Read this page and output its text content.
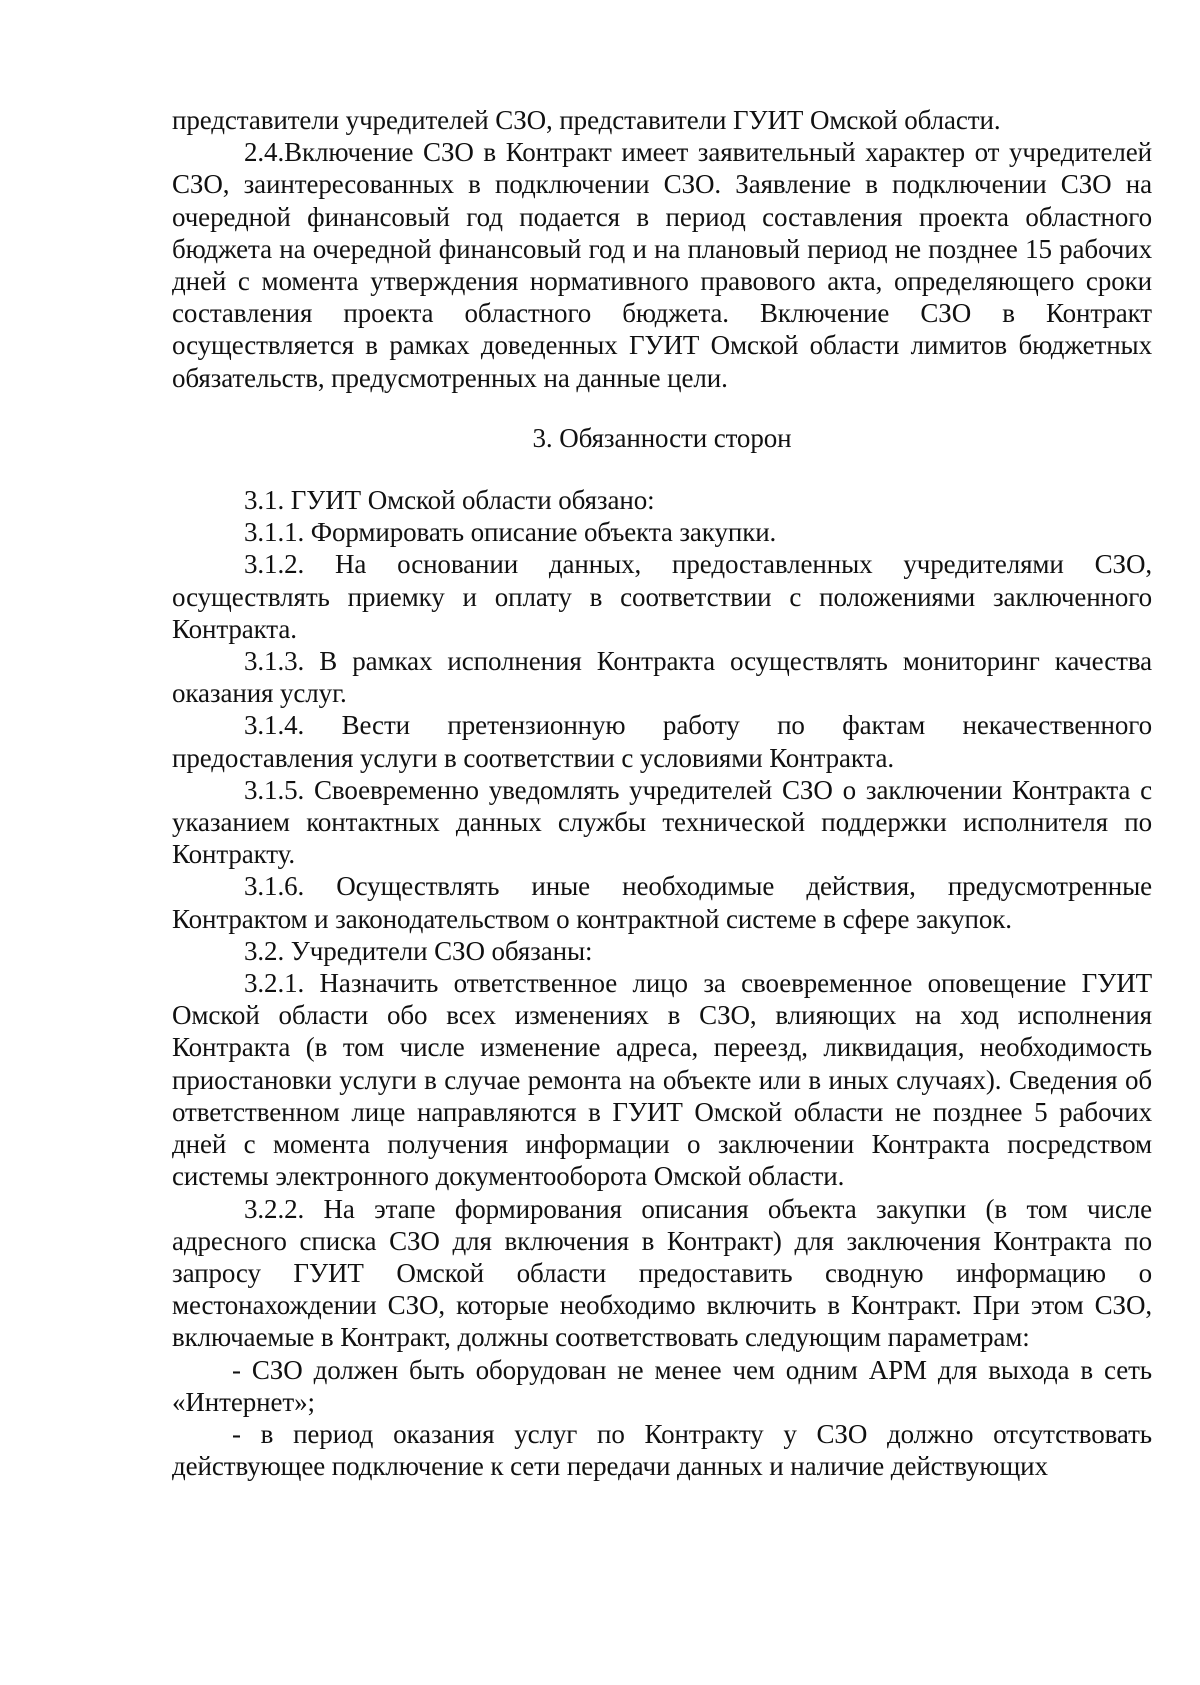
представители учредителей СЗО, представители ГУИТ Омской области.

2.4.Включение СЗО в Контракт имеет заявительный характер от учредителей СЗО, заинтересованных в подключении СЗО. Заявление в подключении СЗО на очередной финансовый год подается в период составления проекта областного бюджета на очередной финансовый год и на плановый период не позднее 15 рабочих дней с момента утверждения нормативного правового акта, определяющего сроки составления проекта областного бюджета. Включение СЗО в Контракт осуществляется в рамках доведенных ГУИТ Омской области лимитов бюджетных обязательств, предусмотренных на данные цели.

3. Обязанности сторон

3.1. ГУИТ Омской области обязано:

3.1.1. Формировать описание объекта закупки.

3.1.2. На основании данных, предоставленных учредителями СЗО, осуществлять приемку и оплату в соответствии с положениями заключенного Контракта.

3.1.3. В рамках исполнения Контракта осуществлять мониторинг качества оказания услуг.

3.1.4. Вести претензионную работу по фактам некачественного предоставления услуги в соответствии с условиями Контракта.

3.1.5. Своевременно уведомлять учредителей СЗО о заключении Контракта с указанием контактных данных службы технической поддержки исполнителя по Контракту.

3.1.6. Осуществлять иные необходимые действия, предусмотренные Контрактом и законодательством о контрактной системе в сфере закупок.

3.2. Учредители СЗО обязаны:

3.2.1. Назначить ответственное лицо за своевременное оповещение ГУИТ Омской области обо всех изменениях в СЗО, влияющих на ход исполнения Контракта (в том числе изменение адреса, переезд, ликвидация, необходимость приостановки услуги в случае ремонта на объекте или в иных случаях). Сведения об ответственном лице направляются в ГУИТ Омской области не позднее 5 рабочих дней с момента получения информации о заключении Контракта посредством системы электронного документооборота Омской области.

3.2.2. На этапе формирования описания объекта закупки (в том числе адресного списка СЗО для включения в Контракт) для заключения Контракта по запросу ГУИТ Омской области предоставить сводную информацию о местонахождении СЗО, которые необходимо включить в Контракт. При этом СЗО, включаемые в Контракт, должны соответствовать следующим параметрам:

- СЗО должен быть оборудован не менее чем одним АРМ для выхода в сеть «Интернет»;

- в период оказания услуг по Контракту у СЗО должно отсутствовать действующее подключение к сети передачи данных и наличие действующих
